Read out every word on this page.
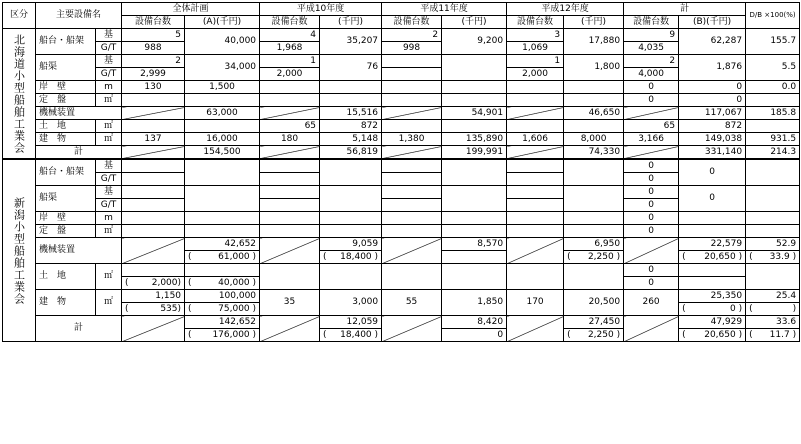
区分	主要設備名		全体計画		平成10年度		平成11年度		平成12年度		計		D/B ×100(%)
			設備台数	(A)(千円)	設備台数	(千円)	設備台数	(千円)	設備台数	(千円)	設備台数	(B)(千円)	
北海道小型船舶工業会	船台・船架	基	5	40,000	4	35,207	2	9,200	3	17,880	9	62,287	155.7
		G/T	988		1,968		998		1,069		4,035		
	船渠	基	2	34,000	1	76			1	1,800	2	1,876	5.5
		G/T	2,999		2,000				2,000		4,000		
	岸　壁	m	130	1,500							0	0	0.0
	定　盤	㎡									0	0	
	機械装置			63,000		15,516		54,901		46,650		117,067	185.8
	土　地	㎡			65	872					65	872	
	建　物	㎡	137	16,000	180	5,148	1,380	135,890	1,606	8,000	3,166	149,038	931.5
	計			154,500		56,819		199,991		74,330		331,140	214.3
新潟小型船舶工業会	船台・船架	基									0	0	
		G/T									0		
	船渠	基									0	0	
		G/T									0		
	岸　壁	m									0		
	定　盤	㎡									0		
	機械装置			42,652		9,059		8,570		6,950		22,579	52.9

				( 61,000 )		( 18,400 )				( 2,250 )		( 20,650 )	( 33.9 )
	土　地	㎡									0		

			( 2,000)	( 40,000 )							0		
	建　物	㎡	1,150	100,000	35	3,000	55	1,850	170	20,500	260	25,350	25.4

			( 535)	( 75,000 )								( 0 )	( )
	計			142,652		12,059		8,420		27,450		47,929	33.6

				( 176,000 )		( 18,400 )		0		( 2,250 )		( 20,650 )	( 11.7 )
